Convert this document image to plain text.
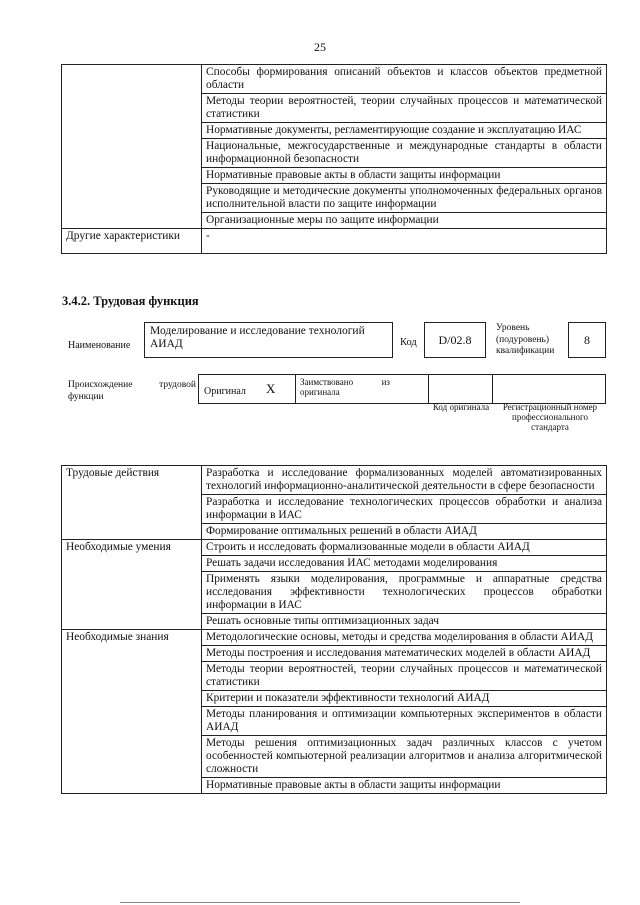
25
	Способы формирования описаний объектов и классов объектов предметной области
	Методы теории вероятностей, теории случайных процессов и математической статистики
	Нормативные документы, регламентирующие создание и эксплуатацию ИАС
	Национальные, межгосударственные и международные стандарты в области информационной безопасности
	Нормативные правовые акты в области защиты информации
	Руководящие и методические документы уполномоченных федеральных органов исполнительной власти по защите информации
	Организационные меры по защите информации
Другие характеристики	-
3.4.2. Трудовая функция
Наименование
Моделирование и исследование технологий АИАД	Код	D/02.8
Уровень (подуровень) квалификации
8
Происхождение трудовой функции	Оригинал X	Заимствовано из оригинала
Код оригинала	Регистрационный номер профессионального стандарта
Трудовые действия	Разработка и исследование формализованных моделей автоматизированных технологий информационно-аналитической деятельности в сфере безопасности
	Разработка и исследование технологических процессов обработки и анализа информации в ИАС
	Формирование оптимальных решений в области АИАД
Необходимые умения	Строить и исследовать формализованные модели в области АИАД
	Решать задачи исследования ИАС методами моделирования
	Применять языки моделирования, программные и аппаратные средства исследования эффективности технологических процессов обработки информации в ИАС
	Решать основные типы оптимизационных задач
Необходимые знания	Методологические основы, методы и средства моделирования в области АИАД
	Методы построения и исследования математических моделей в области АИАД
	Методы теории вероятностей, теории случайных процессов и математической статистики
	Критерии и показатели эффективности технологий АИАД
	Методы планирования и оптимизации компьютерных экспериментов в области АИАД
	Методы решения оптимизационных задач различных классов с учетом особенностей компьютерной реализации алгоритмов и анализа алгоритмической сложности
	Нормативные правовые акты в области защиты информации
